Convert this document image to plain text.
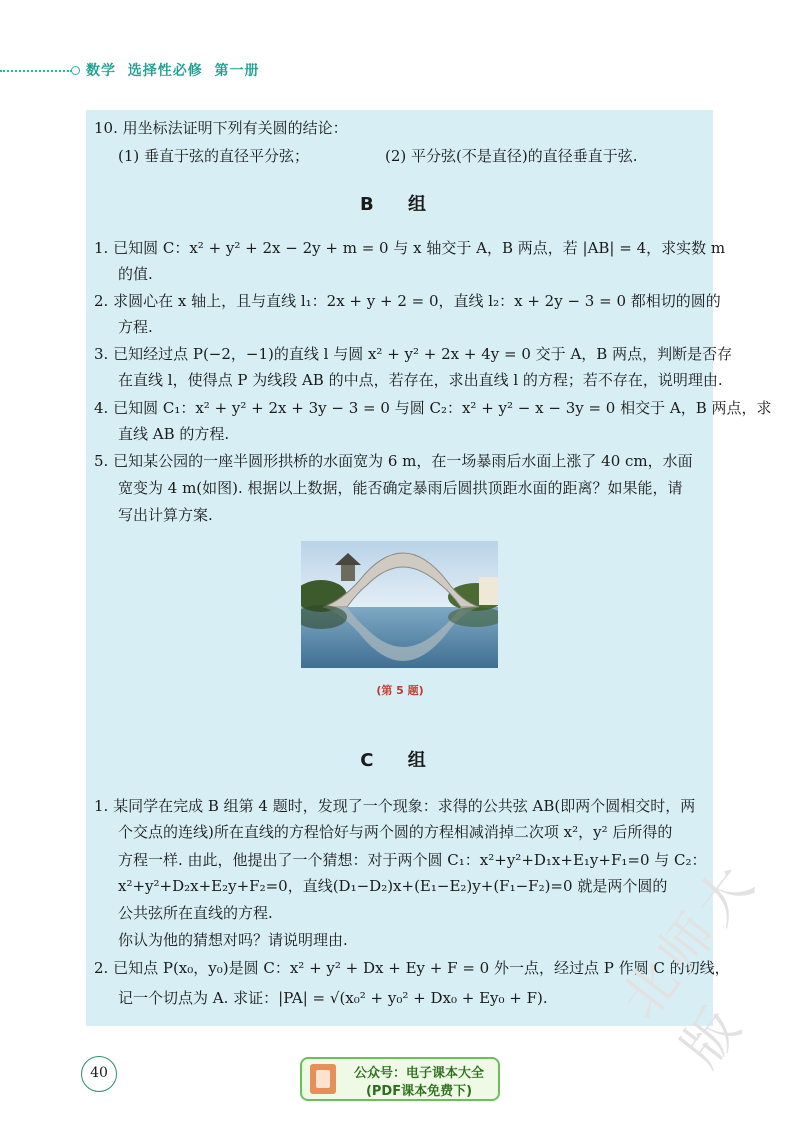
数学  选择性必修  第一册
10. 用坐标法证明下列有关圆的结论：
(1) 垂直于弦的直径平分弦；	(2) 平分弦(不是直径)的直径垂直于弦.
B 组
1. 已知圆 C：x² + y² + 2x − 2y + m = 0 与 x 轴交于 A，B 两点，若 |AB| = 4，求实数 m
的值.
2. 求圆心在 x 轴上，且与直线 l₁：2x + y + 2 = 0，直线 l₂：x + 2y − 3 = 0 都相切的圆的
方程.
3. 已知经过点 P(−2，−1)的直线 l 与圆 x² + y² + 2x + 4y = 0 交于 A，B 两点，判断是否存
在直线 l，使得点 P 为线段 AB 的中点，若存在，求出直线 l 的方程；若不存在，说明理由.
4. 已知圆 C₁：x² + y² + 2x + 3y − 3 = 0 与圆 C₂：x² + y² − x − 3y = 0 相交于 A，B 两点，求
直线 AB 的方程.
5. 已知某公园的一座半圆形拱桥的水面宽为 6 m，在一场暴雨后水面上涨了 40 cm，水面
宽变为 4 m(如图). 根据以上数据，能否确定暴雨后圆拱顶距水面的距离？如果能，请
写出计算方案.
(第 5 题)
C 组
1. 某同学在完成 B 组第 4 题时，发现了一个现象：求得的公共弦 AB(即两个圆相交时，两
个交点的连线)所在直线的方程恰好与两个圆的方程相减消掉二次项 x²，y² 后所得的
方程一样. 由此，他提出了一个猜想：对于两个圆 C₁：x²+y²+D₁x+E₁y+F₁=0 与 C₂：
x²+y²+D₂x+E₂y+F₂=0，直线(D₁−D₂)x+(E₁−E₂)y+(F₁−F₂)=0 就是两个圆的
公共弦所在直线的方程.
你认为他的猜想对吗？请说明理由.
2. 已知点 P(x₀，y₀)是圆 C：x² + y² + Dx + Ey + F = 0 外一点，经过点 P 作圆 C 的切线，
记一个切点为 A. 求证：|PA| = √(x₀² + y₀² + Dx₀ + Ey₀ + F).
40	公众号：电子课本大全
(PDF课本免费下)
北师大版
